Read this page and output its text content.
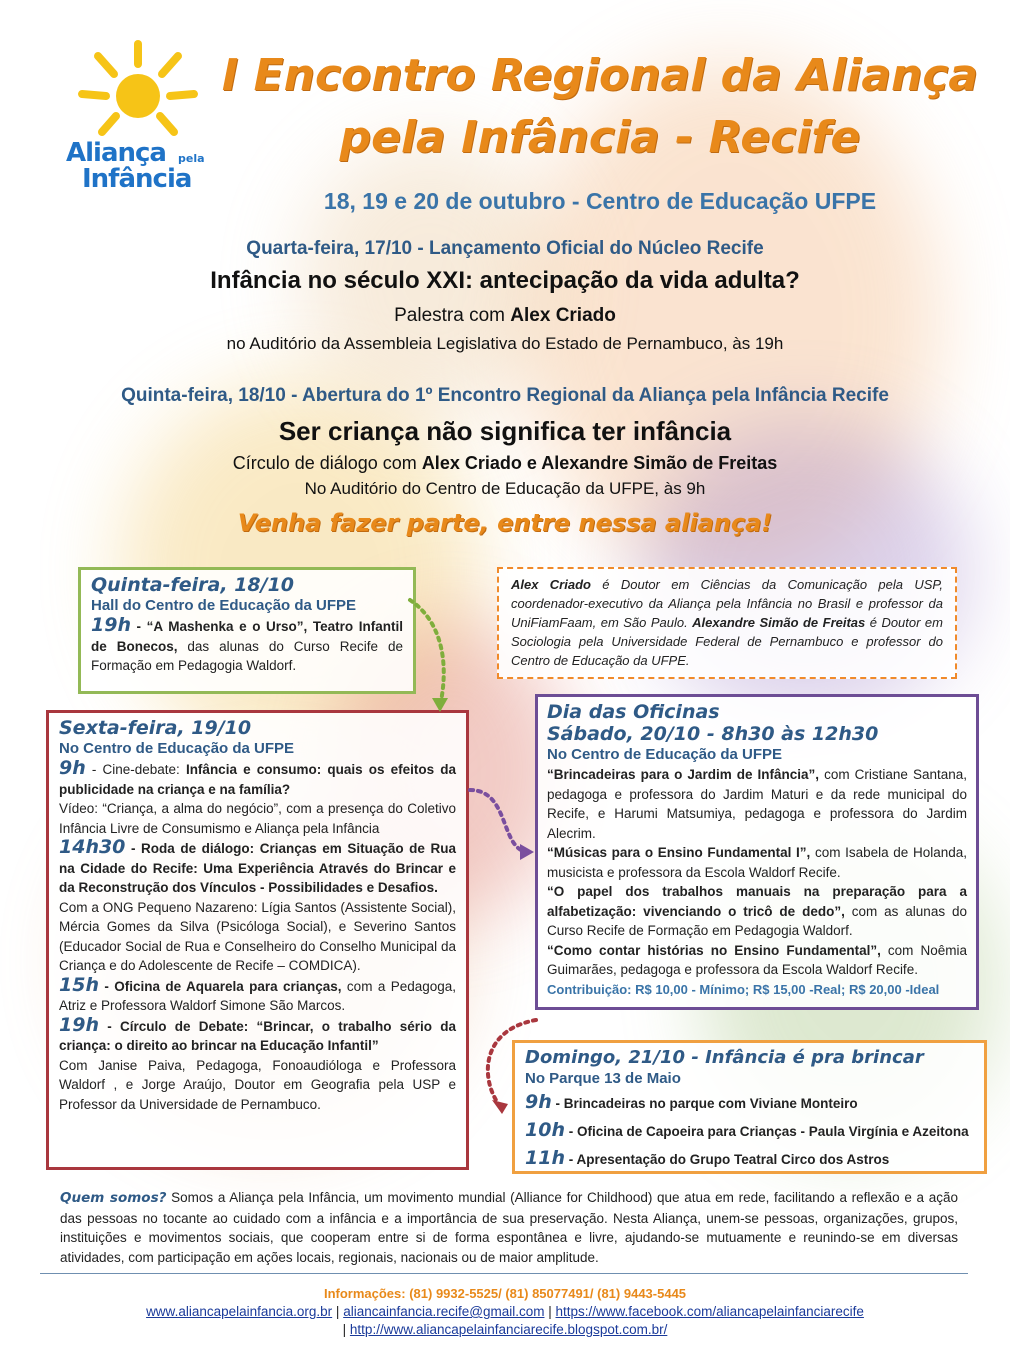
Aliança pela
Infância
I Encontro Regional da Aliança
pela Infância - Recife
18, 19 e 20 de outubro - Centro de Educação UFPE
Quarta-feira, 17/10 - Lançamento Oficial do Núcleo Recife
Infância no século XXI: antecipação da vida adulta?
Palestra com Alex Criado
no Auditório da Assembleia Legislativa do Estado de Pernambuco, às 19h
Quinta-feira, 18/10 - Abertura do 1º Encontro Regional da Aliança pela Infância Recife
Ser criança não significa ter infância
Círculo de diálogo com Alex Criado e Alexandre Simão de Freitas
No Auditório do Centro de Educação da UFPE, às 9h
Venha fazer parte, entre nessa aliança!
Quinta-feira, 18/10
Hall do Centro de Educação da UFPE

19h - “A Mashenka e o Urso”, Teatro Infantil de Bonecos, das alunas do Curso Recife de Formação em Pedagogia Waldorf.

Alex Criado é Doutor em Ciências da Comunicação pela USP, coordenador-executivo da Aliança pela Infância no Brasil e professor da UniFiamFaam, em São Paulo. Alexandre Simão de Freitas é Doutor em Sociologia pela Universidade Federal de Pernambuco e professor do Centro de Educação da UFPE.

Sexta-feira, 19/10
No Centro de Educação da UFPE

9h - Cine-debate: Infância e consumo: quais os efeitos da publicidade na criança e na família?

Vídeo: “Criança, a alma do negócio”, com a presença do Coletivo Infância Livre de Consumismo e Aliança pela Infância

14h30 - Roda de diálogo: Crianças em Situação de Rua na Cidade do Recife: Uma Experiência Através do Brincar e da Reconstrução dos Vínculos - Possibilidades e Desafios.

Com a ONG Pequeno Nazareno: Lígia Santos (Assistente Social), Mércia Gomes da Silva (Psicóloga Social), e Severino Santos (Educador Social de Rua e Conselheiro do Conselho Municipal da Criança e do Adolescente de Recife – COMDICA).

15h - Oficina de Aquarela para crianças, com a Pedagoga, Atriz e Professora Waldorf Simone São Marcos.

19h - Círculo de Debate: “Brincar, o trabalho sério da criança: o direito ao brincar na Educação Infantil”

Com Janise Paiva, Pedagoga, Fonoaudióloga e Professora Waldorf , e Jorge Araújo, Doutor em Geografia pela USP e Professor da Universidade de Pernambuco.

Dia das Oficinas
Sábado, 20/10 - 8h30 às 12h30
No Centro de Educação da UFPE

“Brincadeiras para o Jardim de Infância”, com Cristiane Santana, pedagoga e professora do Jardim Maturi e da rede municipal do Recife, e Harumi Matsumiya, pedagoga e professora do Jardim Alecrim.

“Músicas para o Ensino Fundamental I”, com Isabela de Holanda, musicista e professora da Escola Waldorf Recife.

“O papel dos trabalhos manuais na preparação para a alfabetização: vivenciando o tricô de dedo”, com as alunas do Curso Recife de Formação em Pedagogia Waldorf.

“Como contar histórias no Ensino Fundamental”, com Noêmia Guimarães, pedagoga e professora da Escola Waldorf Recife.

Contribuição: R$ 10,00 - Mínimo; R$ 15,00 -Real; R$ 20,00 -Ideal

Domingo, 21/10 - Infância é pra brincar
No Parque 13 de Maio

9h - Brincadeiras no parque com Viviane Monteiro

10h - Oficina de Capoeira para Crianças - Paula Virgínia e Azeitona

11h - Apresentação do Grupo Teatral Circo dos Astros

Quem somos? Somos a Aliança pela Infância, um movimento mundial (Alliance for Childhood) que atua em rede, facilitando a reflexão e a ação das pessoas no tocante ao cuidado com a infância e a importância de sua preservação. Nesta Aliança, unem-se pessoas, organizações, grupos, instituições e movimentos sociais, que cooperam entre si de forma espontânea e livre, ajudando-se mutuamente e reunindo-se em diversas atividades, com participação em ações locais, regionais, nacionais ou de maior amplitude.
Informações: (81) 9932-5525/ (81) 85077491/ (81) 9443-5445
www.aliancapelainfancia.org.br | aliancainfancia.recife@gmail.com | https://www.facebook.com/aliancapelainfanciarecife
| http://www.aliancapelainfanciarecife.blogspot.com.br/
